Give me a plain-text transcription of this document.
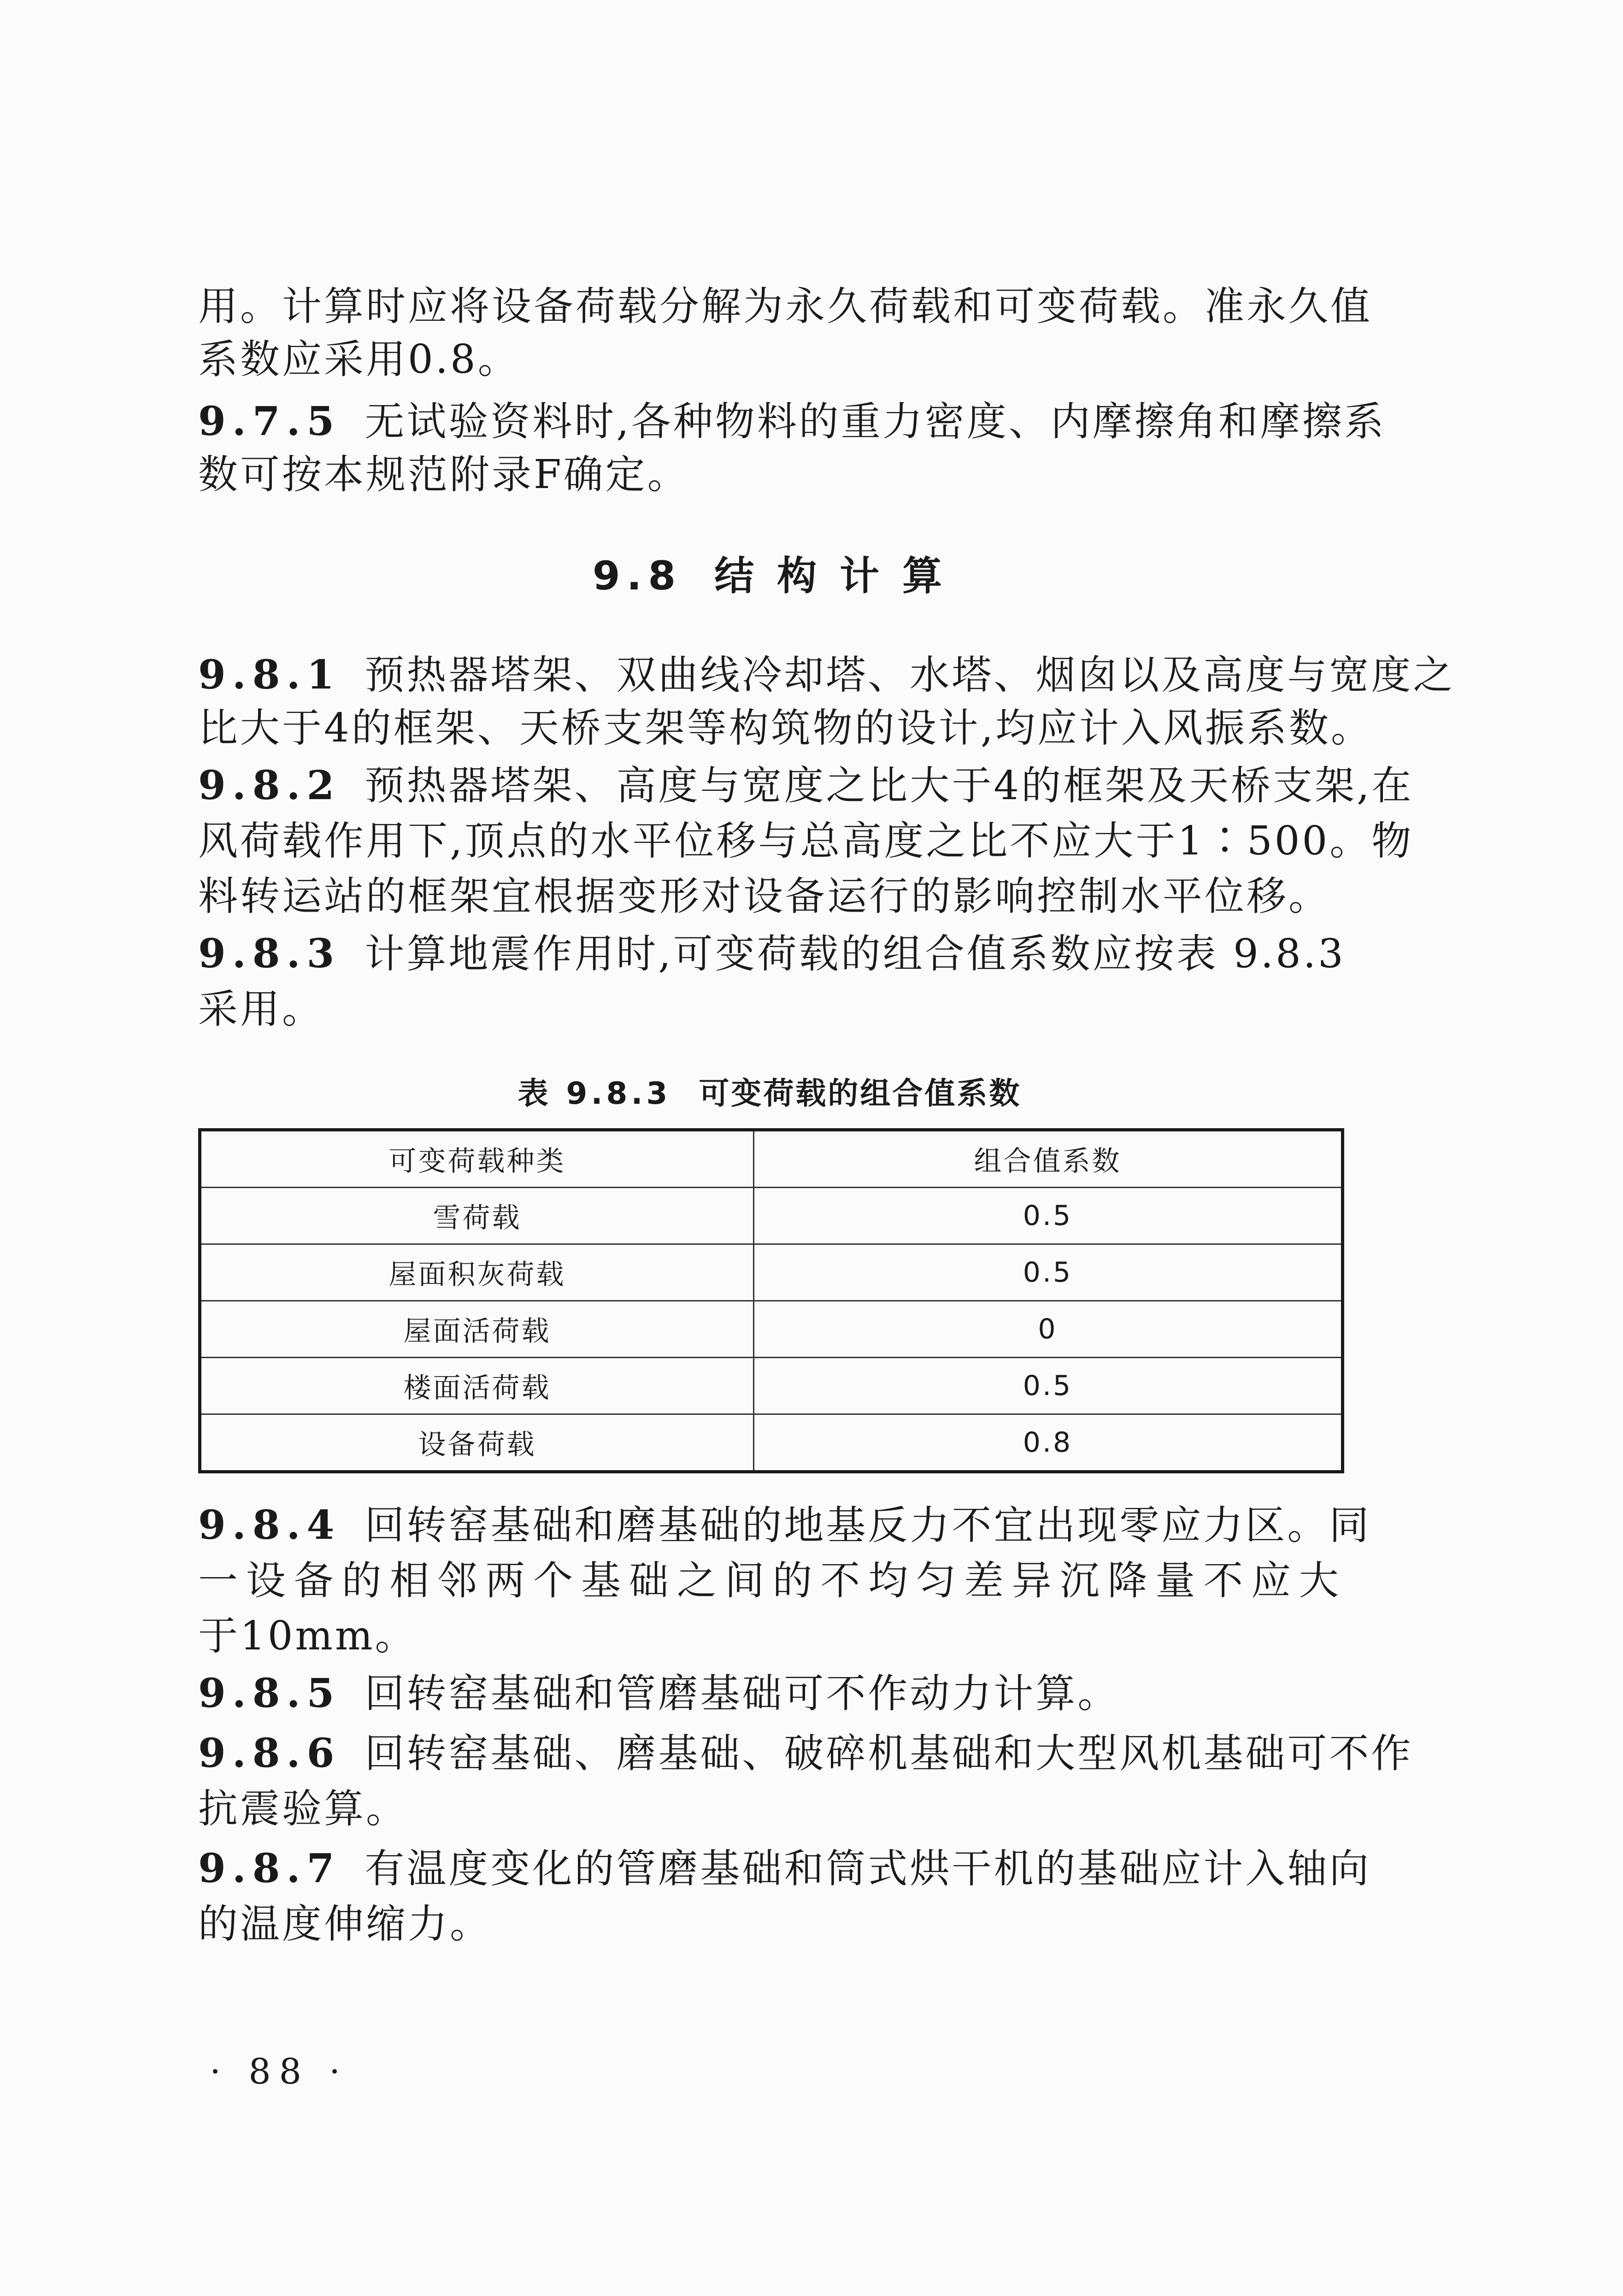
用。计算时应将设备荷载分解为永久荷载和可变荷载。准永久值
系数应采用0.8。
9.7.5 无试验资料时,各种物料的重力密度、内摩擦角和摩擦系
数可按本规范附录F确定。
9.8 结 构 计 算
9.8.1 预热器塔架、双曲线冷却塔、水塔、烟囱以及高度与宽度之
比大于4的框架、天桥支架等构筑物的设计,均应计入风振系数。
9.8.2 预热器塔架、高度与宽度之比大于4的框架及天桥支架,在
风荷载作用下,顶点的水平位移与总高度之比不应大于1∶500。物
料转运站的框架宜根据变形对设备运行的影响控制水平位移。
9.8.3 计算地震作用时,可变荷载的组合值系数应按表 9.8.3
采用。
表 9.8.3 可变荷载的组合值系数
可变荷载种类	组合值系数
雪荷载	0.5
屋面积灰荷载	0.5
屋面活荷载	0
楼面活荷载	0.5
设备荷载	0.8
9.8.4 回转窑基础和磨基础的地基反力不宜出现零应力区。同
一设备的相邻两个基础之间的不均匀差异沉降量不应大
于10mm。
9.8.5 回转窑基础和管磨基础可不作动力计算。
9.8.6 回转窑基础、磨基础、破碎机基础和大型风机基础可不作
抗震验算。
9.8.7 有温度变化的管磨基础和筒式烘干机的基础应计入轴向
的温度伸缩力。
· 88 ·
